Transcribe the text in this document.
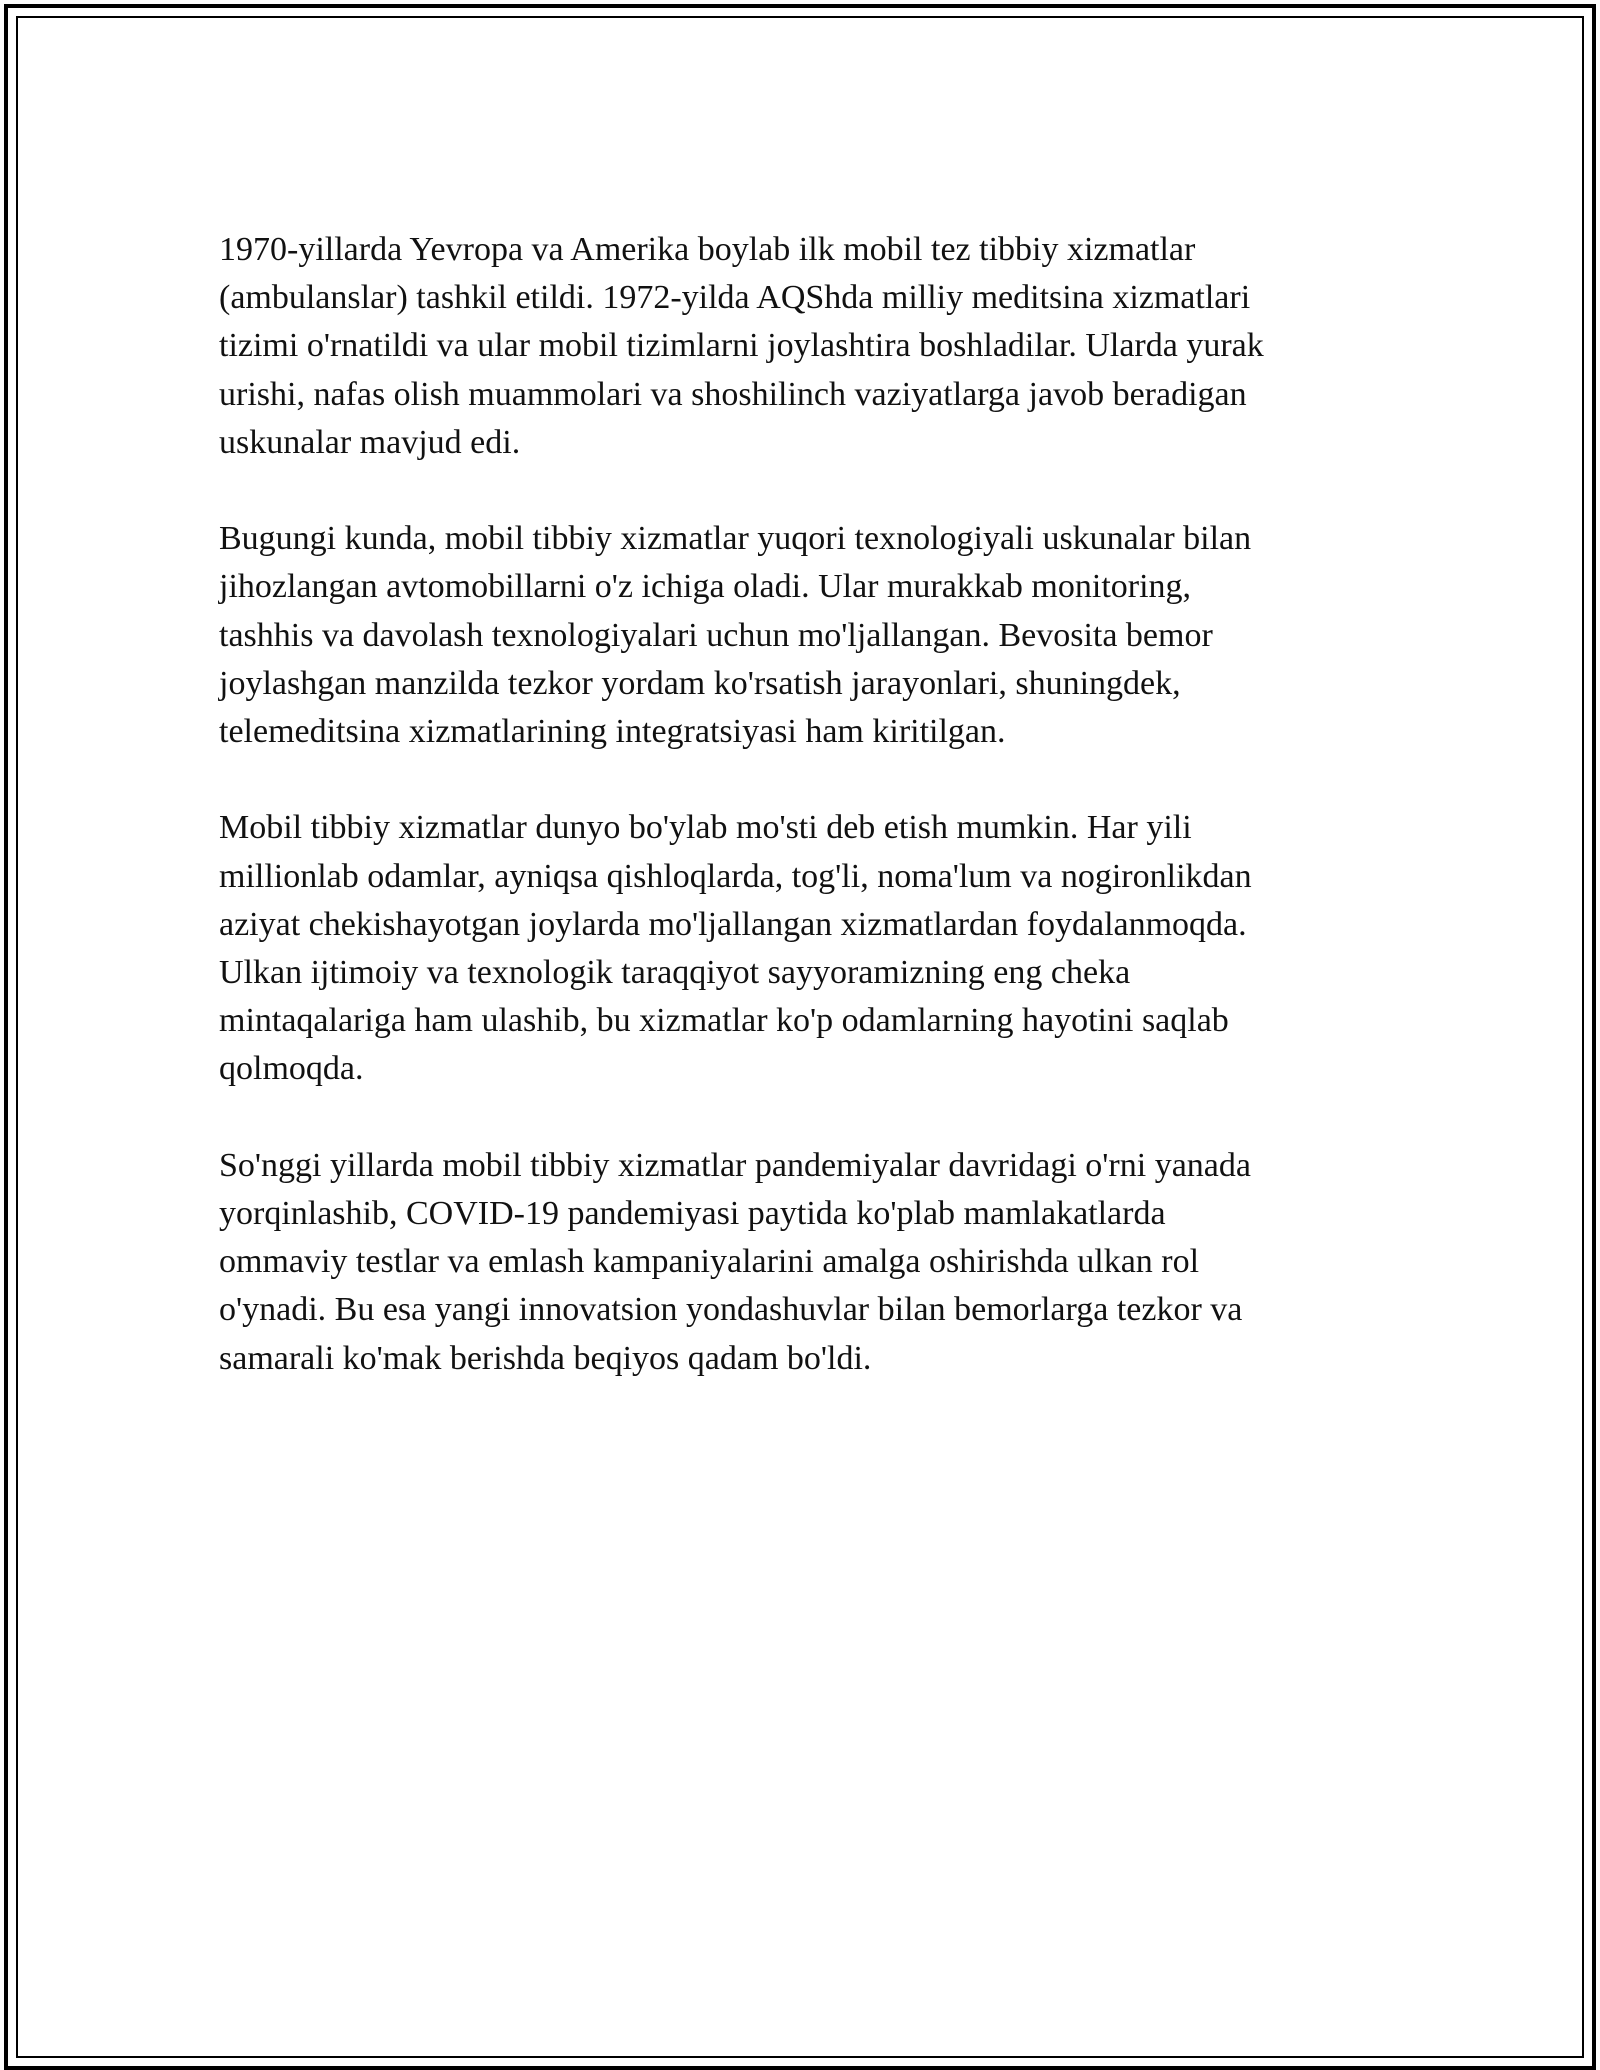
1970-yillarda Yevropa va Amerika boylab ilk mobil tez tibbiy xizmatlar
(ambulanslar) tashkil etildi. 1972-yilda AQShda milliy meditsina xizmatlari
tizimi o'rnatildi va ular mobil tizimlarni joylashtira boshladilar. Ularda yurak
urishi, nafas olish muammolari va shoshilinch vaziyatlarga javob beradigan
uskunalar mavjud edi.

Bugungi kunda, mobil tibbiy xizmatlar yuqori texnologiyali uskunalar bilan
jihozlangan avtomobillarni o'z ichiga oladi. Ular murakkab monitoring,
tashhis va davolash texnologiyalari uchun mo'ljallangan. Bevosita bemor
joylashgan manzilda tezkor yordam ko'rsatish jarayonlari, shuningdek,
telemeditsina xizmatlarining integratsiyasi ham kiritilgan.

Mobil tibbiy xizmatlar dunyo bo'ylab mo'sti deb etish mumkin. Har yili
millionlab odamlar, ayniqsa qishloqlarda, tog'li, noma'lum va nogironlikdan
aziyat chekishayotgan joylarda mo'ljallangan xizmatlardan foydalanmoqda.
Ulkan ijtimoiy va texnologik taraqqiyot sayyoramizning eng cheka
mintaqalariga ham ulashib, bu xizmatlar ko'p odamlarning hayotini saqlab
qolmoqda.

So'nggi yillarda mobil tibbiy xizmatlar pandemiyalar davridagi o'rni yanada
yorqinlashib, COVID-19 pandemiyasi paytida ko'plab mamlakatlarda
ommaviy testlar va emlash kampaniyalarini amalga oshirishda ulkan rol
o'ynadi. Bu esa yangi innovatsion yondashuvlar bilan bemorlarga tezkor va
samarali ko'mak berishda beqiyos qadam bo'ldi.
